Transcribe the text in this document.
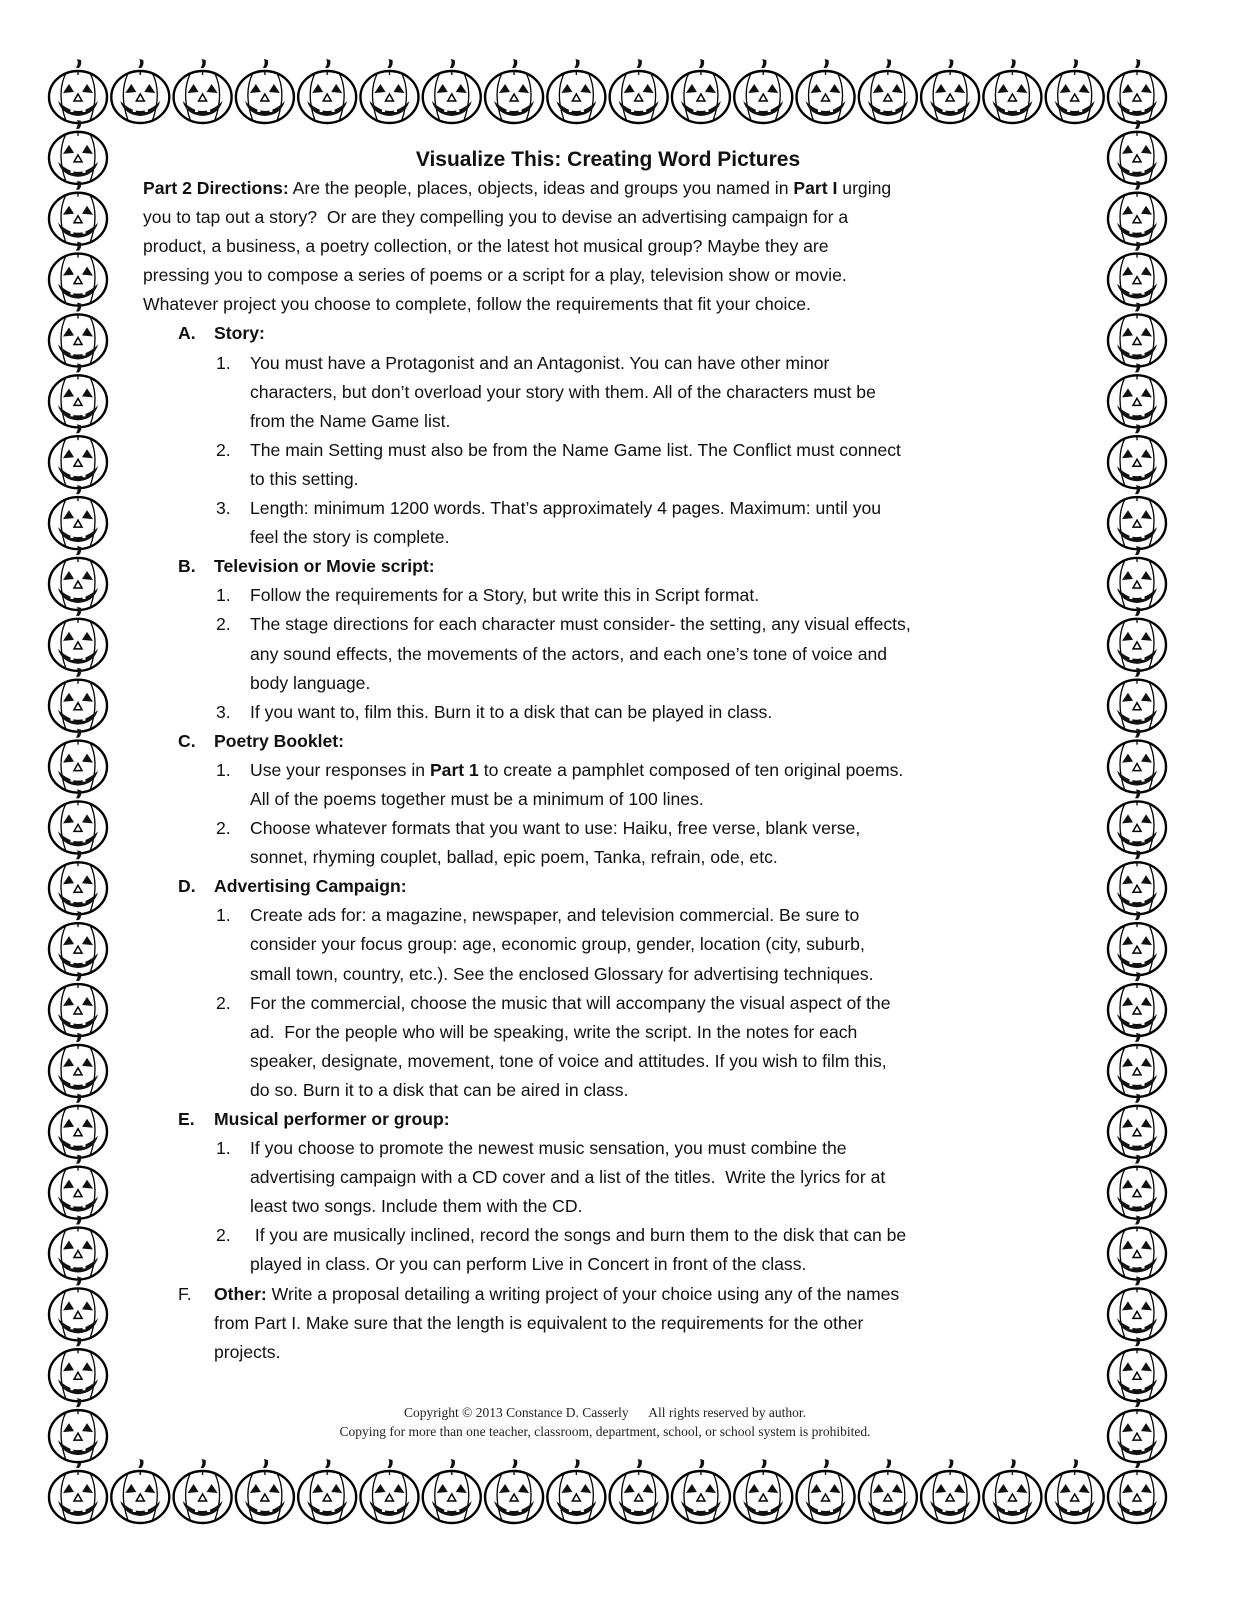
Visualize This: Creating Word Pictures
Part 2 Directions: Are the people, places, objects, ideas and groups you named in Part I urging
you to tap out a story?  Or are they compelling you to devise an advertising campaign for a
product, a business, a poetry collection, or the latest hot musical group? Maybe they are
pressing you to compose a series of poems or a script for a play, television show or movie.
Whatever project you choose to complete, follow the requirements that fit your choice.
A. Story:
1. You must have a Protagonist and an Antagonist. You can have other minor
characters, but don’t overload your story with them. All of the characters must be
from the Name Game list.
2. The main Setting must also be from the Name Game list. The Conflict must connect
to this setting.
3. Length: minimum 1200 words. That’s approximately 4 pages. Maximum: until you
feel the story is complete.
B. Television or Movie script:
1. Follow the requirements for a Story, but write this in Script format.
2. The stage directions for each character must consider- the setting, any visual effects,
any sound effects, the movements of the actors, and each one’s tone of voice and
body language.
3. If you want to, film this. Burn it to a disk that can be played in class.
C. Poetry Booklet:
1. Use your responses in Part 1 to create a pamphlet composed of ten original poems.
All of the poems together must be a minimum of 100 lines.
2. Choose whatever formats that you want to use: Haiku, free verse, blank verse,
sonnet, rhyming couplet, ballad, epic poem, Tanka, refrain, ode, etc.
D. Advertising Campaign:
1. Create ads for: a magazine, newspaper, and television commercial. Be sure to
consider your focus group: age, economic group, gender, location (city, suburb,
small town, country, etc.). See the enclosed Glossary for advertising techniques.
2. For the commercial, choose the music that will accompany the visual aspect of the
ad.  For the people who will be speaking, write the script. In the notes for each
speaker, designate, movement, tone of voice and attitudes. If you wish to film this,
do so. Burn it to a disk that can be aired in class.
E. Musical performer or group:
1. If you choose to promote the newest music sensation, you must combine the
advertising campaign with a CD cover and a list of the titles.  Write the lyrics for at
least two songs. Include them with the CD.
2. If you are musically inclined, record the songs and burn them to the disk that can be
played in class. Or you can perform Live in Concert in front of the class.
F. Other: Write a proposal detailing a writing project of your choice using any of the names
from Part I. Make sure that the length is equivalent to the requirements for the other
projects.
Copyright © 2013 Constance D. Casserly      All rights reserved by author.
Copying for more than one teacher, classroom, department, school, or school system is prohibited.
